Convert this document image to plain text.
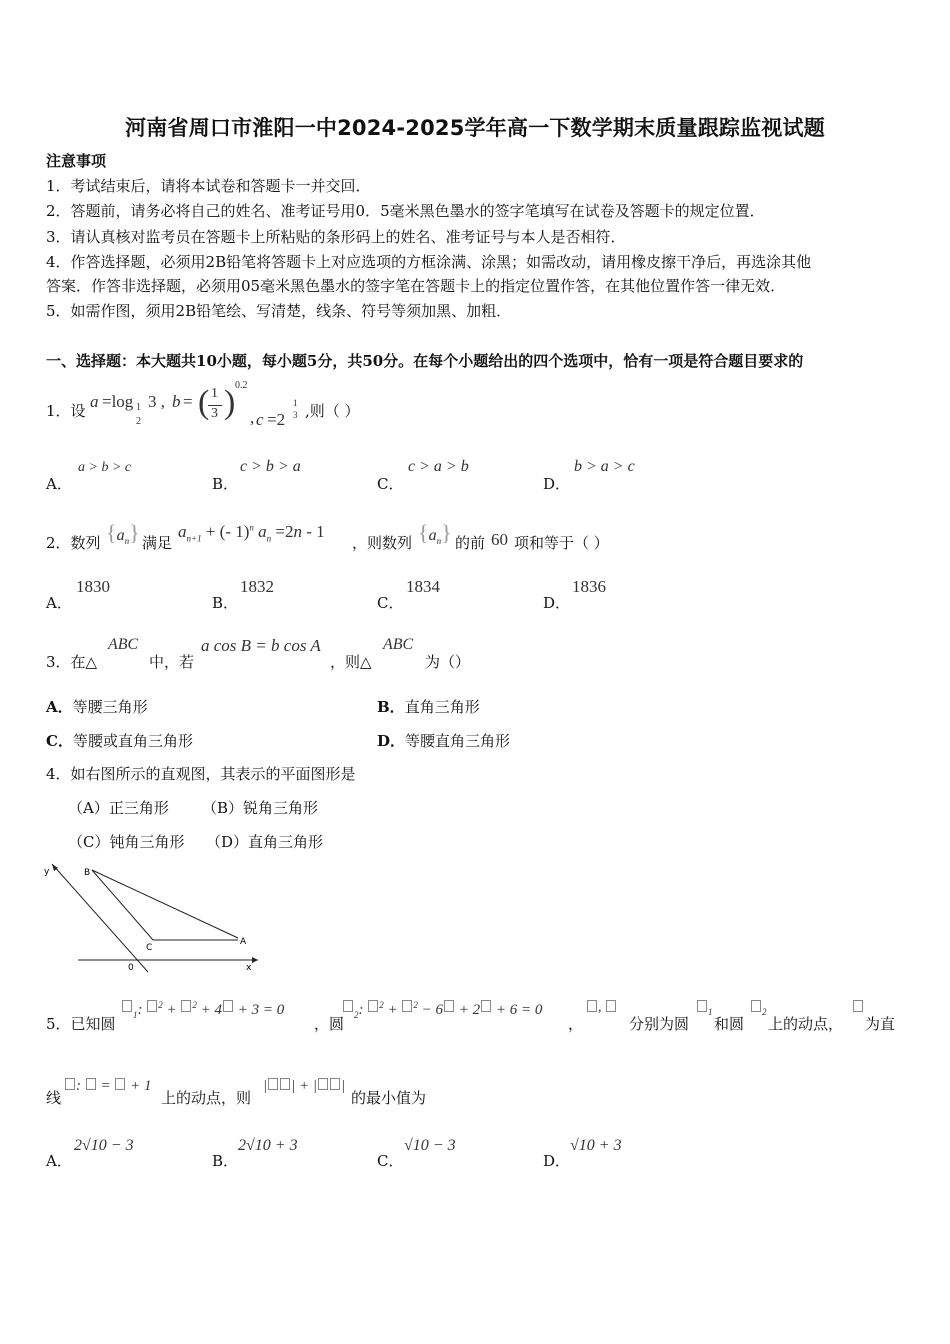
河南省周口市淮阳一中2024-2025学年高一下数学期末质量跟踪监视试题
注意事项
1．考试结束后，请将本试卷和答题卡一并交回．
2．答题前，请务必将自己的姓名、准考证号用0．5毫米黑色墨水的签字笔填写在试卷及答题卡的规定位置．
3．请认真核对监考员在答题卡上所粘贴的条形码上的姓名、准考证号与本人是否相符．
4．作答选择题，必须用2B铅笔将答题卡上对应选项的方框涂满、涂黑；如需改动，请用橡皮擦干净后，再选涂其他
答案．作答非选择题，必须用05毫米黑色墨水的签字笔在答题卡上的指定位置作答，在其他位置作答一律无效．
5．如需作图，须用2B铅笔绘、写清楚，线条、符号等须加黑、加粗．
一、选择题：本大题共10小题，每小题5分，共50分。在每个小题给出的四个选项中，恰有一项是符合题目要求的
1．设 a =log 1
2
3 , b = ( 1
3 ) 0.2
, c =2
1
3 ,则（ ）
A．
a > b > c
B．
c > b > a
C．
c > a > b
D．
b > a > c
2．数列 $\{a_n\}$ 满足
$a_{n+1}$ + (- 1)$^n$ $a_n =2n - 1$
，则数列 $\{a_n\}$ 的前 60 项和等于（ ）
A．
1830
B．
1832
C．
1834
D．
1836
3．在△
ABC
中，若
a cos B = b cos A
，则△
ABC
为（）
A．等腰三角形	B．直角三角形
C．等腰或直角三角形	D．等腰直角三角形
4．如右图所示的直观图，其表示的平面图形是
（A）正三角形 （B）锐角三角形
（C）钝角三角形 （D）直角三角形
y
x
0
B
C
A
5．已知圆	$_1$: $^2$ + $^2$ + 4 + 3 = 0
，圆	$_2$: $^2$ + $^2$ − 6 + 2 + 6 = 0
，
,
分别为圆
$_1$
和圆
$_2$
上的动点， 为直
线
:  =  + 1
上的动点，则
| | + | |
的最小值为
A．
2√10 − 3
B．
2√10 + 3
C．
√10 − 3
D．
√10 + 3
